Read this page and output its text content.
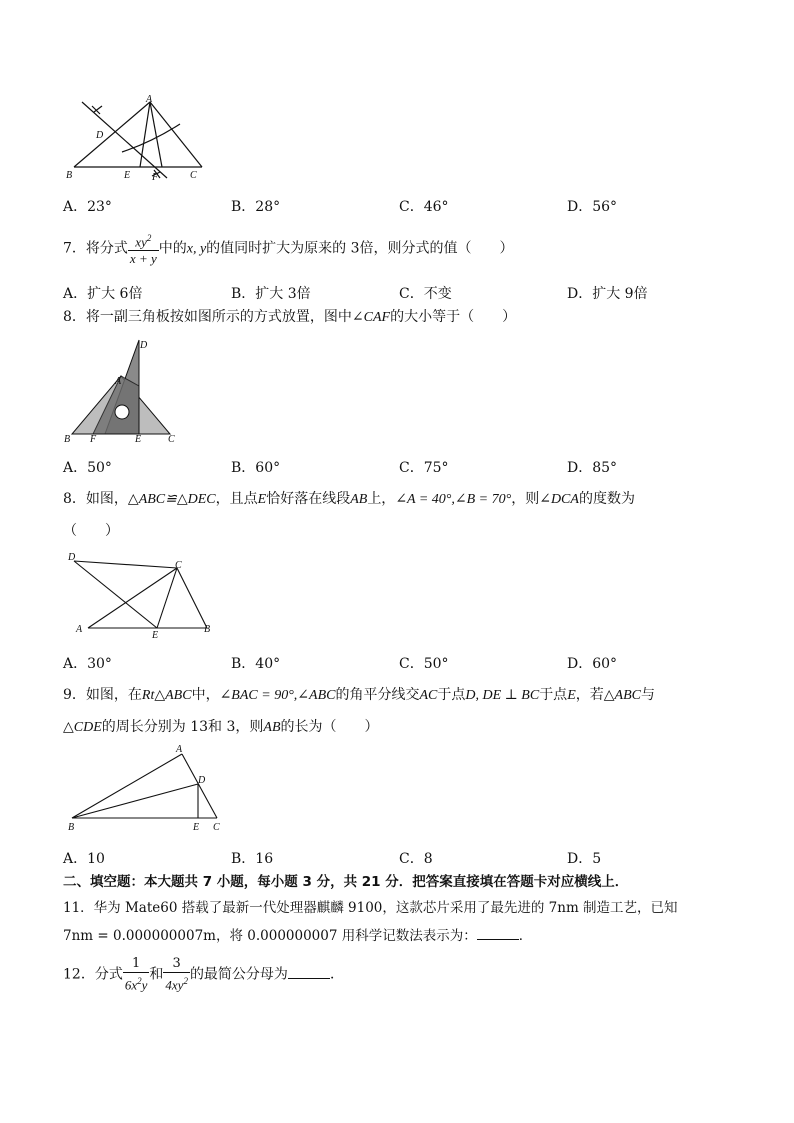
A
B	C
D
E F
A．23°	B．28°	C．46°	D．56°
7．将分式 $\frac{xy^2}{x + y}$ 中的x, y的值同时扩大为原来的 3倍，则分式的值（　　）
A．扩大 6倍	B．扩大 3倍	C．不变	D．扩大 9倍
8．将一副三角板按如图所示的方式放置，图中∠CAF的大小等于（　　）
A
B	C
D
E
F
A．50°	B．60°	C．75°	D．85°
8．如图，△ABC≌△DEC，且点E恰好落在线段AB上，∠A = 40°,∠B = 70°，则∠DCA的度数为
（　　）
A	B
C
D
E
A．30°	B．40°	C．50°	D．60°
9．如图，在Rt△ABC中，∠BAC = 90°,∠ABC的角平分线交AC于点D, DE ⊥ BC于点E，若△ABC与
△CDE的周长分别为 13和 3，则AB的长为（　　）
A
B	C
D
E
A．10	B．16	C．8	D．5
二、填空题：本大题共 7 小题，每小题 3 分，共 21 分．把答案直接填在答题卡对应横线上．
11．华为 Mate60 搭载了最新一代处理器麒麟 9100，这款芯片采用了最先进的 7nm 制造工艺，已知
7nm = 0.000000007m，将 0.000000007 用科学记数法表示为：	．
12．分式 $\frac{1}{6x^2y}$ 和 $\frac{3}{4xy^2}$ 的最简公分母为	．
